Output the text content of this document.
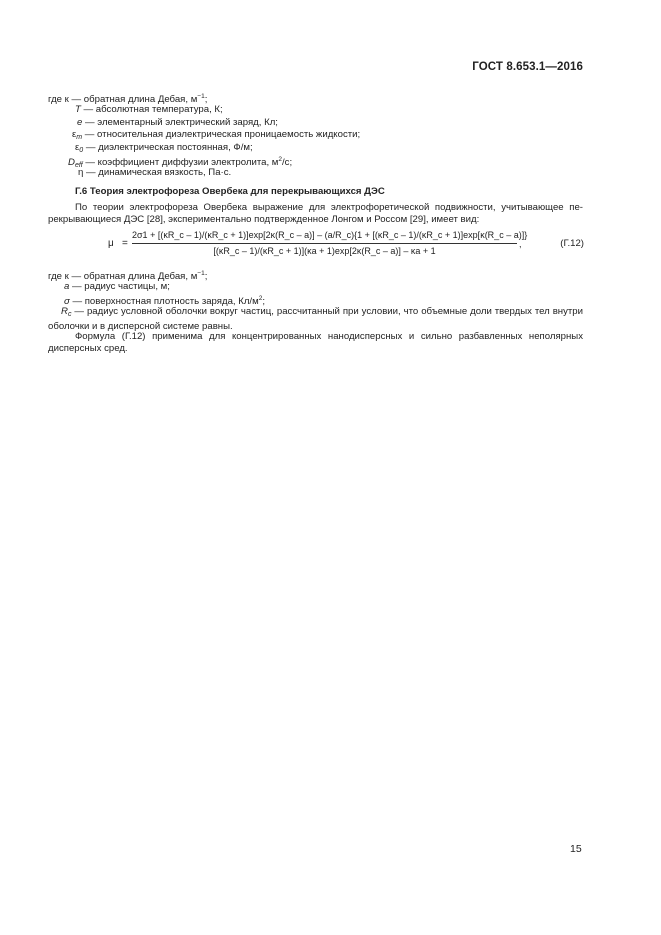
ГОСТ 8.653.1—2016
где к — обратная длина Дебая, $м^{-1}$;
T — абсолютная температура, К;
e — элементарный электрический заряд, Кл;
$\varepsilon_m$ — относительная диэлектрическая проницаемость жидкости;
$\varepsilon_0$ — диэлектрическая постоянная, Ф/м;
$D_{eff}$ — коэффициент диффузии электролита, $м^2/с$;
η — динамическая вязкость, Па·с.
Г.6 Теория электрофореза Овербека для перекрывающихся ДЭС
По теории электрофореза Овербека выражение для электрофоретической подвижности, учитывающее пе-рекрывающиеся ДЭС [28], экспериментально подтвержденное Лонгом и Россом [29], имеет вид:
μ =
2σ1 + [(κR_c – 1)/(κR_c + 1)]exp[2κ(R_c – a)] – (a/R_c){1 + [(κR_c – 1)/(κR_c + 1)]exp[κ(R_c – a)]}
[(κR_c – 1)/(κR_c + 1)](κa + 1)exp[2κ(R_c – a)] – κa + 1
,	(Г.12)
где к — обратная длина Дебая, $м^{-1}$;
a — радиус частицы, м;
σ — поверхностная плотность заряда, $Кл/м^2$;
$R_c$ — радиус условной оболочки вокруг частиц, рассчитанный при условии, что объемные доли твердых тел внутри оболочки и в дисперсной системе равны.
Формула (Г.12) применима для концентрированных нанодисперсных и сильно разбавленных неполярных дисперсных сред.
15
